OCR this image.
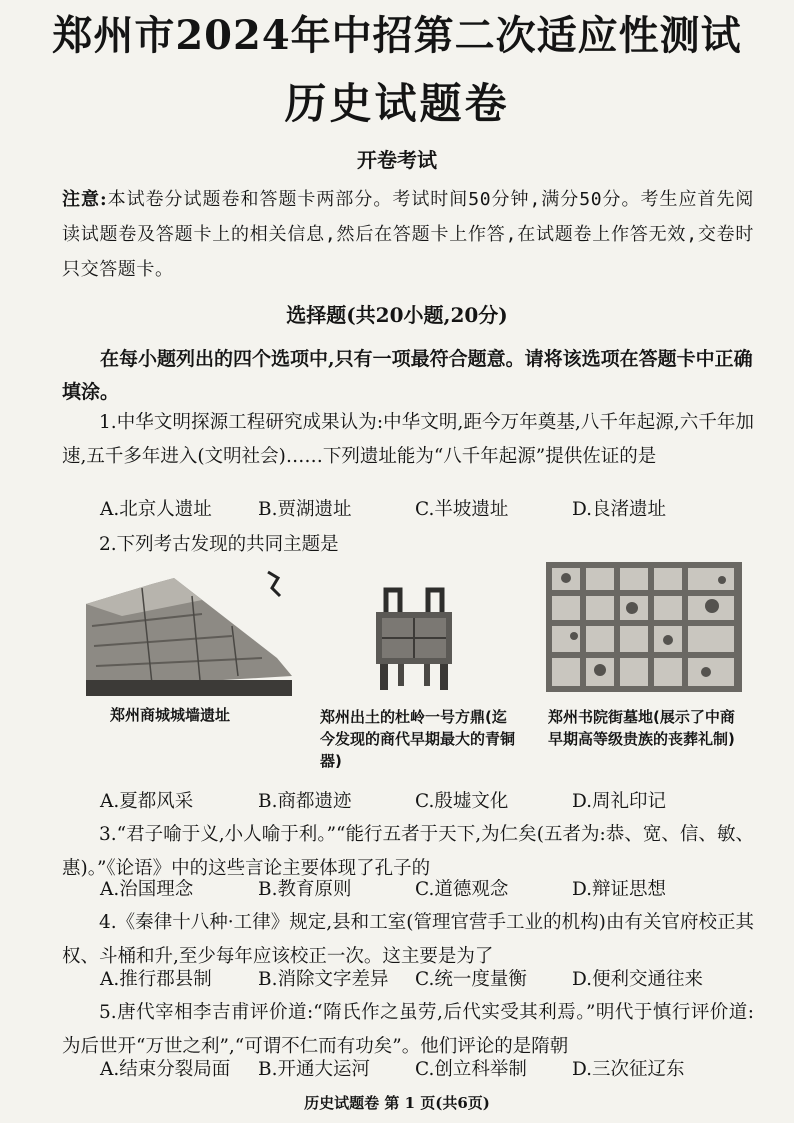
郑州市2024年中招第二次适应性测试
历史试题卷
开卷考试
注意:本试卷分试题卷和答题卡两部分。考试时间50分钟,满分50分。考生应首先阅读试题卷及答题卡上的相关信息,然后在答题卡上作答,在试题卷上作答无效,交卷时只交答题卡。
选择题(共20小题,20分)
在每小题列出的四个选项中,只有一项最符合题意。请将该选项在答题卡中正确填涂。
1.中华文明探源工程研究成果认为:中华文明,距今万年奠基,八千年起源,六千年加速,五千多年进入(文明社会)……下列遗址能为“八千年起源”提供佐证的是
A.北京人遗址	B.贾湖遗址	C.半坡遗址	D.良渚遗址
2.下列考古发现的共同主题是
郑州商城城墙遗址	郑州出土的杜岭一号方鼎(迄今发现的商代早期最大的青铜器)
郑州书院街墓地(展示了中商早期高等级贵族的丧葬礼制)
A.夏都风采	B.商都遗迹	C.殷墟文化	D.周礼印记
3.“君子喻于义,小人喻于利。”“能行五者于天下,为仁矣(五者为:恭、宽、信、敏、惠)。”《论语》中的这些言论主要体现了孔子的
A.治国理念	B.教育原则	C.道德观念	D.辩证思想
4.《秦律十八种·工律》规定,县和工室(管理官营手工业的机构)由有关官府校正其权、斗桶和升,至少每年应该校正一次。这主要是为了
A.推行郡县制	B.消除文字差异	C.统一度量衡	D.便利交通往来
5.唐代宰相李吉甫评价道:“隋氏作之虽劳,后代实受其利焉。”明代于慎行评价道:为后世开“万世之利”,“可谓不仁而有功矣”。他们评论的是隋朝
A.结束分裂局面	B.开通大运河	C.创立科举制	D.三次征辽东
历史试题卷 第 1 页(共6页)
